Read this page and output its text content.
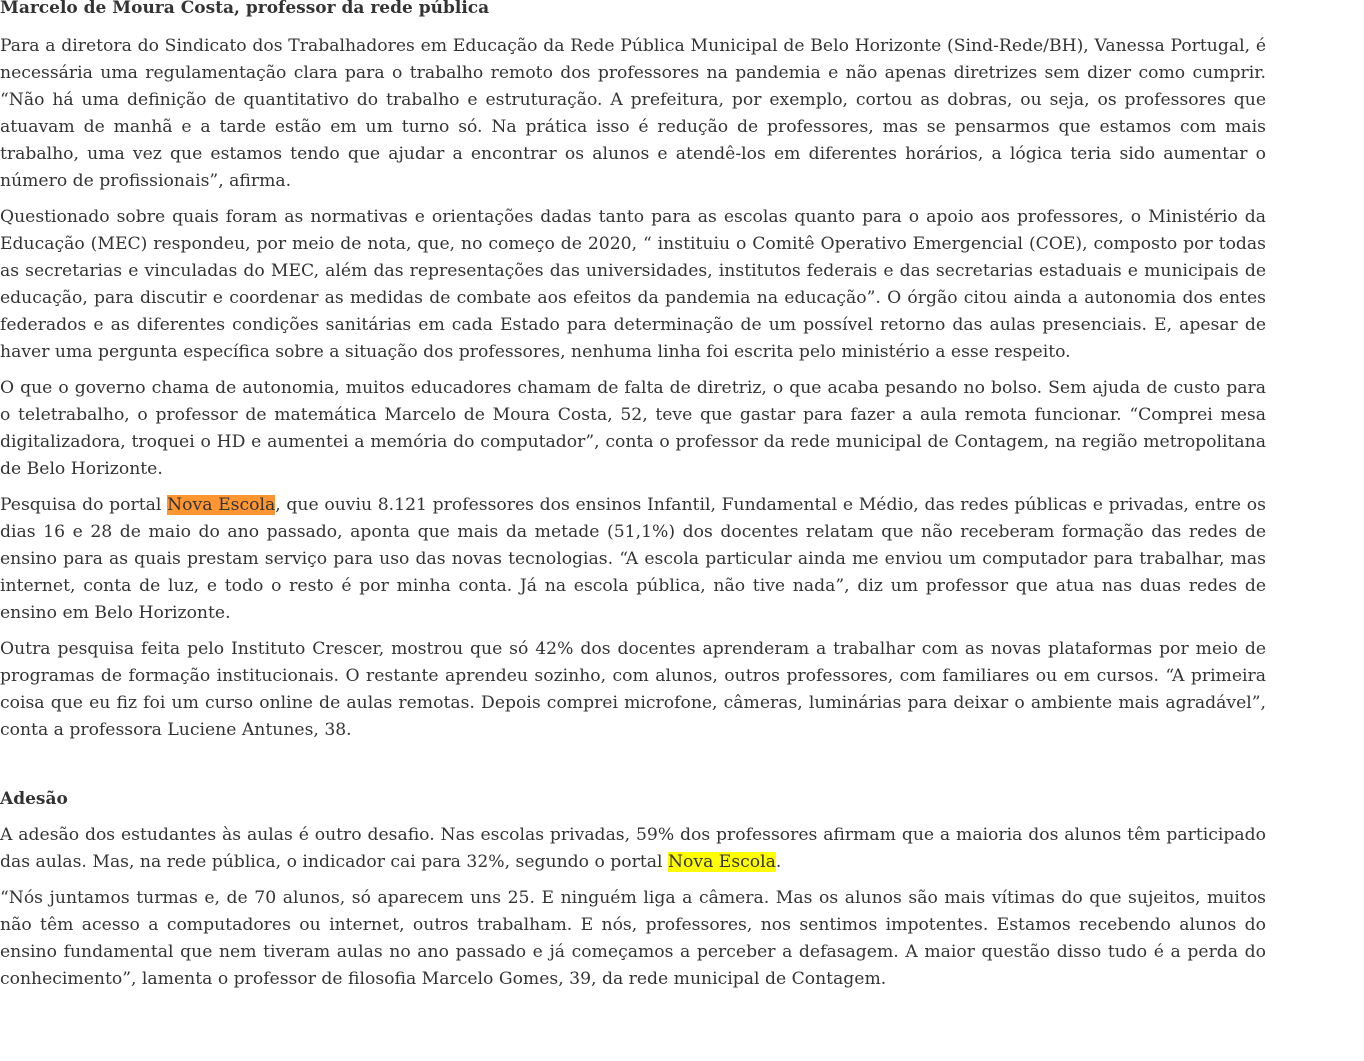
Marcelo de Moura Costa, professor da rede pública

Para a diretora do Sindicato dos Trabalhadores em Educação da Rede Pública Municipal de Belo Horizonte (Sind-Rede/BH), Vanessa Portugal, é necessária uma regulamentação clara para o trabalho remoto dos professores na pandemia e não apenas diretrizes sem dizer como cumprir. “Não há uma definição de quantitativo do trabalho e estruturação. A prefeitura, por exemplo, cortou as dobras, ou seja, os professores que atuavam de manhã e a tarde estão em um turno só. Na prática isso é redução de professores, mas se pensarmos que estamos com mais trabalho, uma vez que estamos tendo que ajudar a encontrar os alunos e atendê-los em diferentes horários, a lógica teria sido aumentar o número de profissionais”, afirma.

Questionado sobre quais foram as normativas e orientações dadas tanto para as escolas quanto para o apoio aos professores, o Ministério da Educação (MEC) respondeu, por meio de nota, que, no começo de 2020, “ instituiu o Comitê Operativo Emergencial (COE), composto por todas as secretarias e vinculadas do MEC, além das representações das universidades, institutos federais e das secretarias estaduais e municipais de educação, para discutir e coordenar as medidas de combate aos efeitos da pandemia na educação”. O órgão citou ainda a autonomia dos entes federados e as diferentes condições sanitárias em cada Estado para determinação de um possível retorno das aulas presenciais. E, apesar de haver uma pergunta específica sobre a situação dos professores, nenhuma linha foi escrita pelo ministério a esse respeito.

O que o governo chama de autonomia, muitos educadores chamam de falta de diretriz, o que acaba pesando no bolso. Sem ajuda de custo para o teletrabalho, o professor de matemática Marcelo de Moura Costa, 52, teve que gastar para fazer a aula remota funcionar. “Comprei mesa digitalizadora, troquei o HD e aumentei a memória do computador”, conta o professor da rede municipal de Contagem, na região metropolitana de Belo Horizonte.

Pesquisa do portal Nova Escola, que ouviu 8.121 professores dos ensinos Infantil, Fundamental e Médio, das redes públicas e privadas, entre os dias 16 e 28 de maio do ano passado, aponta que mais da metade (51,1%) dos docentes relatam que não receberam formação das redes de ensino para as quais prestam serviço para uso das novas tecnologias. “A escola particular ainda me enviou um computador para trabalhar, mas internet, conta de luz, e todo o resto é por minha conta. Já na escola pública, não tive nada”, diz um professor que atua nas duas redes de ensino em Belo Horizonte.

Outra pesquisa feita pelo Instituto Crescer, mostrou que só 42% dos docentes aprenderam a trabalhar com as novas plataformas por meio de programas de formação institucionais. O restante aprendeu sozinho, com alunos, outros professores, com familiares ou em cursos. “A primeira coisa que eu fiz foi um curso online de aulas remotas. Depois comprei microfone, câmeras, luminárias para deixar o ambiente mais agradável”, conta a professora Luciene Antunes, 38.

Adesão

A adesão dos estudantes às aulas é outro desafio. Nas escolas privadas, 59% dos professores afirmam que a maioria dos alunos têm participado das aulas. Mas, na rede pública, o indicador cai para 32%, segundo o portal Nova Escola.

“Nós juntamos turmas e, de 70 alunos, só aparecem uns 25. E ninguém liga a câmera. Mas os alunos são mais vítimas do que sujeitos, muitos não têm acesso a computadores ou internet, outros trabalham. E nós, professores, nos sentimos impotentes. Estamos recebendo alunos do ensino fundamental que nem tiveram aulas no ano passado e já começamos a perceber a defasagem. A maior questão disso tudo é a perda do conhecimento”, lamenta o professor de filosofia Marcelo Gomes, 39, da rede municipal de Contagem.
